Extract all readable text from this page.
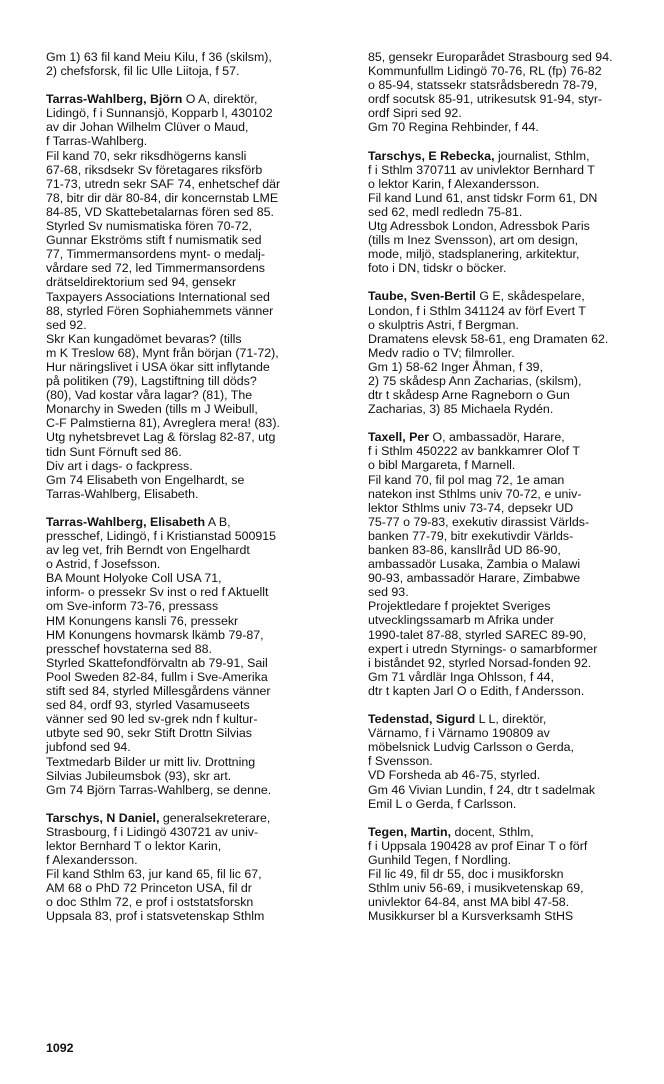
Gm 1) 63 fil kand Meiu Kilu, f 36 (skilsm),
2) chefsforsk, fil lic Ulle Liitoja, f 57.
Tarras-Wahlberg, Björn O A, direktör,
Lidingö, f i Sunnansjö, Kopparb l, 430102
av dir Johan Wilhelm Clüver o Maud,
f Tarras-Wahlberg.
Fil kand 70, sekr riksdhögerns kansli
67-68, riksdsekr Sv företagares riksförb
71-73, utredn sekr SAF 74, enhetschef där
78, bitr dir där 80-84, dir koncernstab LME
84-85, VD Skattebetalarnas fören sed 85.
Styrled Sv numismatiska fören 70-72,
Gunnar Ekströms stift f numismatik sed
77, Timmermansordens mynt- o medalj-
vårdare sed 72, led Timmermansordens
drätseldirektorium sed 94, gensekr
Taxpayers Associations International sed
88, styrled Fören Sophiahemmets vänner
sed 92.
Skr Kan kungadömet bevaras? (tills
m K Treslow 68), Mynt från början (71-72),
Hur näringslivet i USA ökar sitt inflytande
på politiken (79), Lagstiftning till döds?
(80), Vad kostar våra lagar? (81), The
Monarchy in Sweden (tills m J Weibull,
C-F Palmstierna 81), Avreglera mera! (83).
Utg nyhetsbrevet Lag & förslag 82-87, utg
tidn Sunt Förnuft sed 86.
Div art i dags- o fackpress.
Gm 74 Elisabeth von Engelhardt, se
Tarras-Wahlberg, Elisabeth.
Tarras-Wahlberg, Elisabeth A B,
presschef, Lidingö, f i Kristianstad 500915
av leg vet, frih Berndt von Engelhardt
o Astrid, f Josefsson.
BA Mount Holyoke Coll USA 71,
inform- o pressekr Sv inst o red f Aktuellt
om Sve-inform 73-76, pressass
HM Konungens kansli 76, pressekr
HM Konungens hovmarsk lkämb 79-87,
presschef hovstaterna sed 88.
Styrled Skattefondförvaltn ab 79-91, Sail
Pool Sweden 82-84, fullm i Sve-Amerika
stift sed 84, styrled Millesgårdens vänner
sed 84, ordf 93, styrled Vasamuseets
vänner sed 90 led sv-grek ndn f kultur-
utbyte sed 90, sekr Stift Drottn Silvias
jubfond sed 94.
Textmedarb Bilder ur mitt liv. Drottning
Silvias Jubileumsbok (93), skr art.
Gm 74 Björn Tarras-Wahlberg, se denne.
Tarschys, N Daniel, generalsekreterare,
Strasbourg, f i Lidingö 430721 av univ-
lektor Bernhard T o lektor Karin,
f Alexandersson.
Fil kand Sthlm 63, jur kand 65, fil lic 67,
AM 68 o PhD 72 Princeton USA, fil dr
o doc Sthlm 72, e prof i oststatsforskn
Uppsala 83, prof i statsvetenskap Sthlm
85, gensekr Europarådet Strasbourg sed 94.
Kommunfullm Lidingö 70-76, RL (fp) 76-82
o 85-94, statssekr statsrådsberedn 78-79,
ordf socutsk 85-91, utrikesutsk 91-94, styr-
ordf Sipri sed 92.
Gm 70 Regina Rehbinder, f 44.
Tarschys, E Rebecka, journalist, Sthlm,
f i Sthlm 370711 av univlektor Bernhard T
o lektor Karin, f Alexandersson.
Fil kand Lund 61, anst tidskr Form 61, DN
sed 62, medl redledn 75-81.
Utg Adressbok London, Adressbok Paris
(tills m Inez Svensson), art om design,
mode, miljö, stadsplanering, arkitektur,
foto i DN, tidskr o böcker.
Taube, Sven-Bertil G E, skådespelare,
London, f i Sthlm 341124 av förf Evert T
o skulptris Astri, f Bergman.
Dramatens elevsk 58-61, eng Dramaten 62.
Medv radio o TV; filmroller.
Gm 1) 58-62 Inger Åhman, f 39,
2) 75 skådesp Ann Zacharias, (skilsm),
dtr t skådesp Arne Ragneborn o Gun
Zacharias, 3) 85 Michaela Rydén.
Taxell, Per O, ambassadör, Harare,
f i Sthlm 450222 av bankkamrer Olof T
o bibl Margareta, f Marnell.
Fil kand 70, fil pol mag 72, 1e aman
natekon inst Sthlms univ 70-72, e univ-
lektor Sthlms univ 73-74, depsekr UD
75-77 o 79-83, exekutiv dirassist Världs-
banken 77-79, bitr exekutivdir Världs-
banken 83-86, kanslIråd UD 86-90,
ambassadör Lusaka, Zambia o Malawi
90-93, ambassadör Harare, Zimbabwe
sed 93.
Projektledare f projektet Sveriges
utvecklingssamarb m Afrika under
1990-talet 87-88, styrled SAREC 89-90,
expert i utredn Styrnings- o samarbformer
i biståndet 92, styrled Norsad-fonden 92.
Gm 71 vårdlär Inga Ohlsson, f 44,
dtr t kapten Jarl O o Edith, f Andersson.
Tedenstad, Sigurd L L, direktör,
Värnamo, f i Värnamo 190809 av
möbelsnick Ludvig Carlsson o Gerda,
f Svensson.
VD Forsheda ab 46-75, styrled.
Gm 46 Vivian Lundin, f 24, dtr t sadelmak
Emil L o Gerda, f Carlsson.
Tegen, Martin, docent, Sthlm,
f i Uppsala 190428 av prof Einar T o förf
Gunhild Tegen, f Nordling.
Fil lic 49, fil dr 55, doc i musikforskn
Sthlm univ 56-69, i musikvetenskap 69,
univlektor 64-84, anst MA bibl 47-58.
Musikkurser bl a Kursverksamh StHS
1092
